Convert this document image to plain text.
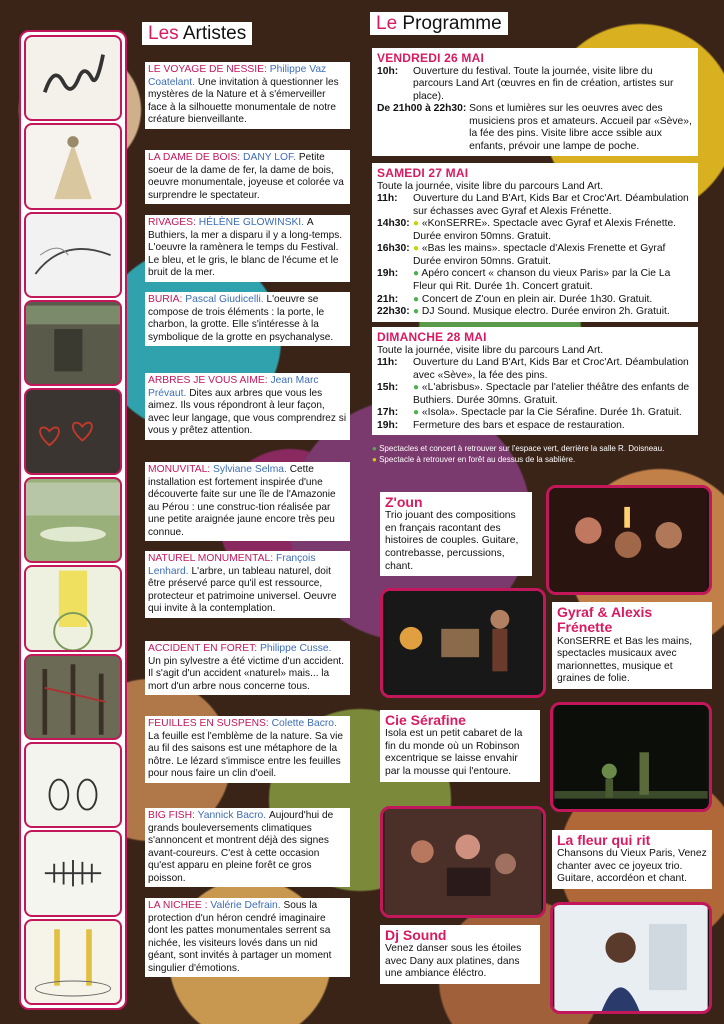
Les Artistes	Le Programme
LE VOYAGE DE NESSIE: Philippe Vaz Coatelant. Une invitation à questionner les mystères de la Nature et à s'émerveiller face à la silhouette monumentale de notre créature bienveillante.
LA DAME DE BOIS: DANY LOF. Petite soeur de la dame de fer, la dame de bois, oeuvre monumentale, joyeuse et colorée va surprendre le spectateur.
RIVAGES: HÉLÈNE GLOWINSKI. A Buthiers, la mer a disparu il y a long-temps. L'oeuvre la ramènera le temps du Festival. Le bleu, et le gris, le blanc de l'écume et le bruit de la mer.
BURIA: Pascal Giudicelli. L'oeuvre se compose de trois éléments : la porte, le charbon, la grotte. Elle s'intéresse à la symbolique de la grotte en psychanalyse.
ARBRES JE VOUS AIME: Jean Marc Prévaut. Dites aux arbres que vous les aimez. Ils vous répondront à leur façon, avec leur langage, que vous comprendrez si vous y prêtez attention.
MONUVITAL: Sylviane Selma. Cette installation est fortement inspirée d'une découverte faite sur une île de l'Amazonie au Pérou : une construc-tion réalisée par une petite araignée jaune encore très peu connue.
NATUREL MONUMENTAL: François Lenhard. L'arbre, un tableau naturel, doit être préservé parce qu'il est ressource, protecteur et patrimoine universel. Oeuvre qui invite à la contemplation.
ACCIDENT EN FORET: Philippe Cusse. Un pin sylvestre a été victime d'un accident. Il s'agit d'un accident «naturel» mais... la mort d'un arbre nous concerne tous.
FEUILLES EN SUSPENS: Colette Bacro. La feuille est l'emblème de la nature. Sa vie au fil des saisons est une métaphore de la nôtre. Le lézard s'immisce entre les feuilles pour nous faire un clin d'oeil.
BIG FISH: Yannick Bacro. Aujourd'hui de grands bouleversements climatiques s'annoncent et montrent déjà des signes avant-coureurs. C'est à cette occasion qu'est apparu en pleine forêt ce gros poisson.
LA NICHEE : Valérie Defrain. Sous la protection d'un héron cendré imaginaire dont les pattes monumentales serrent sa nichée, les visiteurs lovés dans un nid géant, sont invités à partager un moment singulier d'émotions.
VENDREDI 26 MAI
10h:	Ouverture du festival. Toute la journée, visite libre du parcours Land Art (œuvres en fin de création, artistes sur place).
De 21h00 à 22h30:
Sons et lumières sur les oeuvres avec des musiciens pros et amateurs. Accueil par «Sève», la fée des pins. Visite libre acce ssible aux enfants, prévoir une lampe de poche.
SAMEDI 27 MAI
Toute la journée, visite libre du parcours Land Art.
11h:	Ouverture du Land B'Art, Kids Bar et Croc'Art. Déambulation sur échasses avec Gyraf et Alexis Frénette.
14h30: ● «KonSERRE». Spectacle avec Gyraf et Alexis Frénette. Durée environ 50mns. Gratuit.
16h30: ● «Bas les mains». spectacle d'Alexis Frenette et Gyraf Durée environ 50mns. Gratuit.
19h:	● Apéro concert « chanson du vieux Paris» par la Cie La Fleur qui Rit. Durée 1h. Concert gratuit.
21h:	● Concert de Z'oun en plein air. Durée 1h30. Gratuit.
22h30: ● DJ Sound. Musique electro. Durée environ 2h. Gratuit.
DIMANCHE 28 MAI
Toute la journée, visite libre du parcours Land Art.
11h:	Ouverture du Land B'Art, Kids Bar et Croc'Art. Déambulation avec «Sève», la fée des pins.
15h:	● «L'abrisbus». Spectacle par l'atelier théâtre des enfants de Buthiers. Durée 30mns. Gratuit.
17h:	● «Isola». Spectacle par la Cie Sérafine. Durée 1h. Gratuit.
19h:	Fermeture des bars et espace de restauration.
● Spectacles et concert à retrouver sur l'espace vert, derrière la salle R. Doisneau.
● Spectacle à retrouver en forêt au dessus de la sablière.
Z'oun
Trio jouant des compositions en français racontant des histoires de couples. Guitare, contrebasse, percussions, chant.
Gyraf & Alexis Frénette
KonSERRE et Bas les mains, spectacles musicaux avec marionnettes, musique et graines de folie.
Cie Sérafine
Isola est un petit cabaret de la fin du monde où un Robinson excentrique se laisse envahir par la mousse qui l'entoure.
La fleur qui rit
Chansons du Vieux Paris, Venez chanter avec ce joyeux trio. Guitare, accordéon et chant.
Dj Sound
Venez danser sous les étoiles avec Dany aux platines, dans une ambiance éléctro.
